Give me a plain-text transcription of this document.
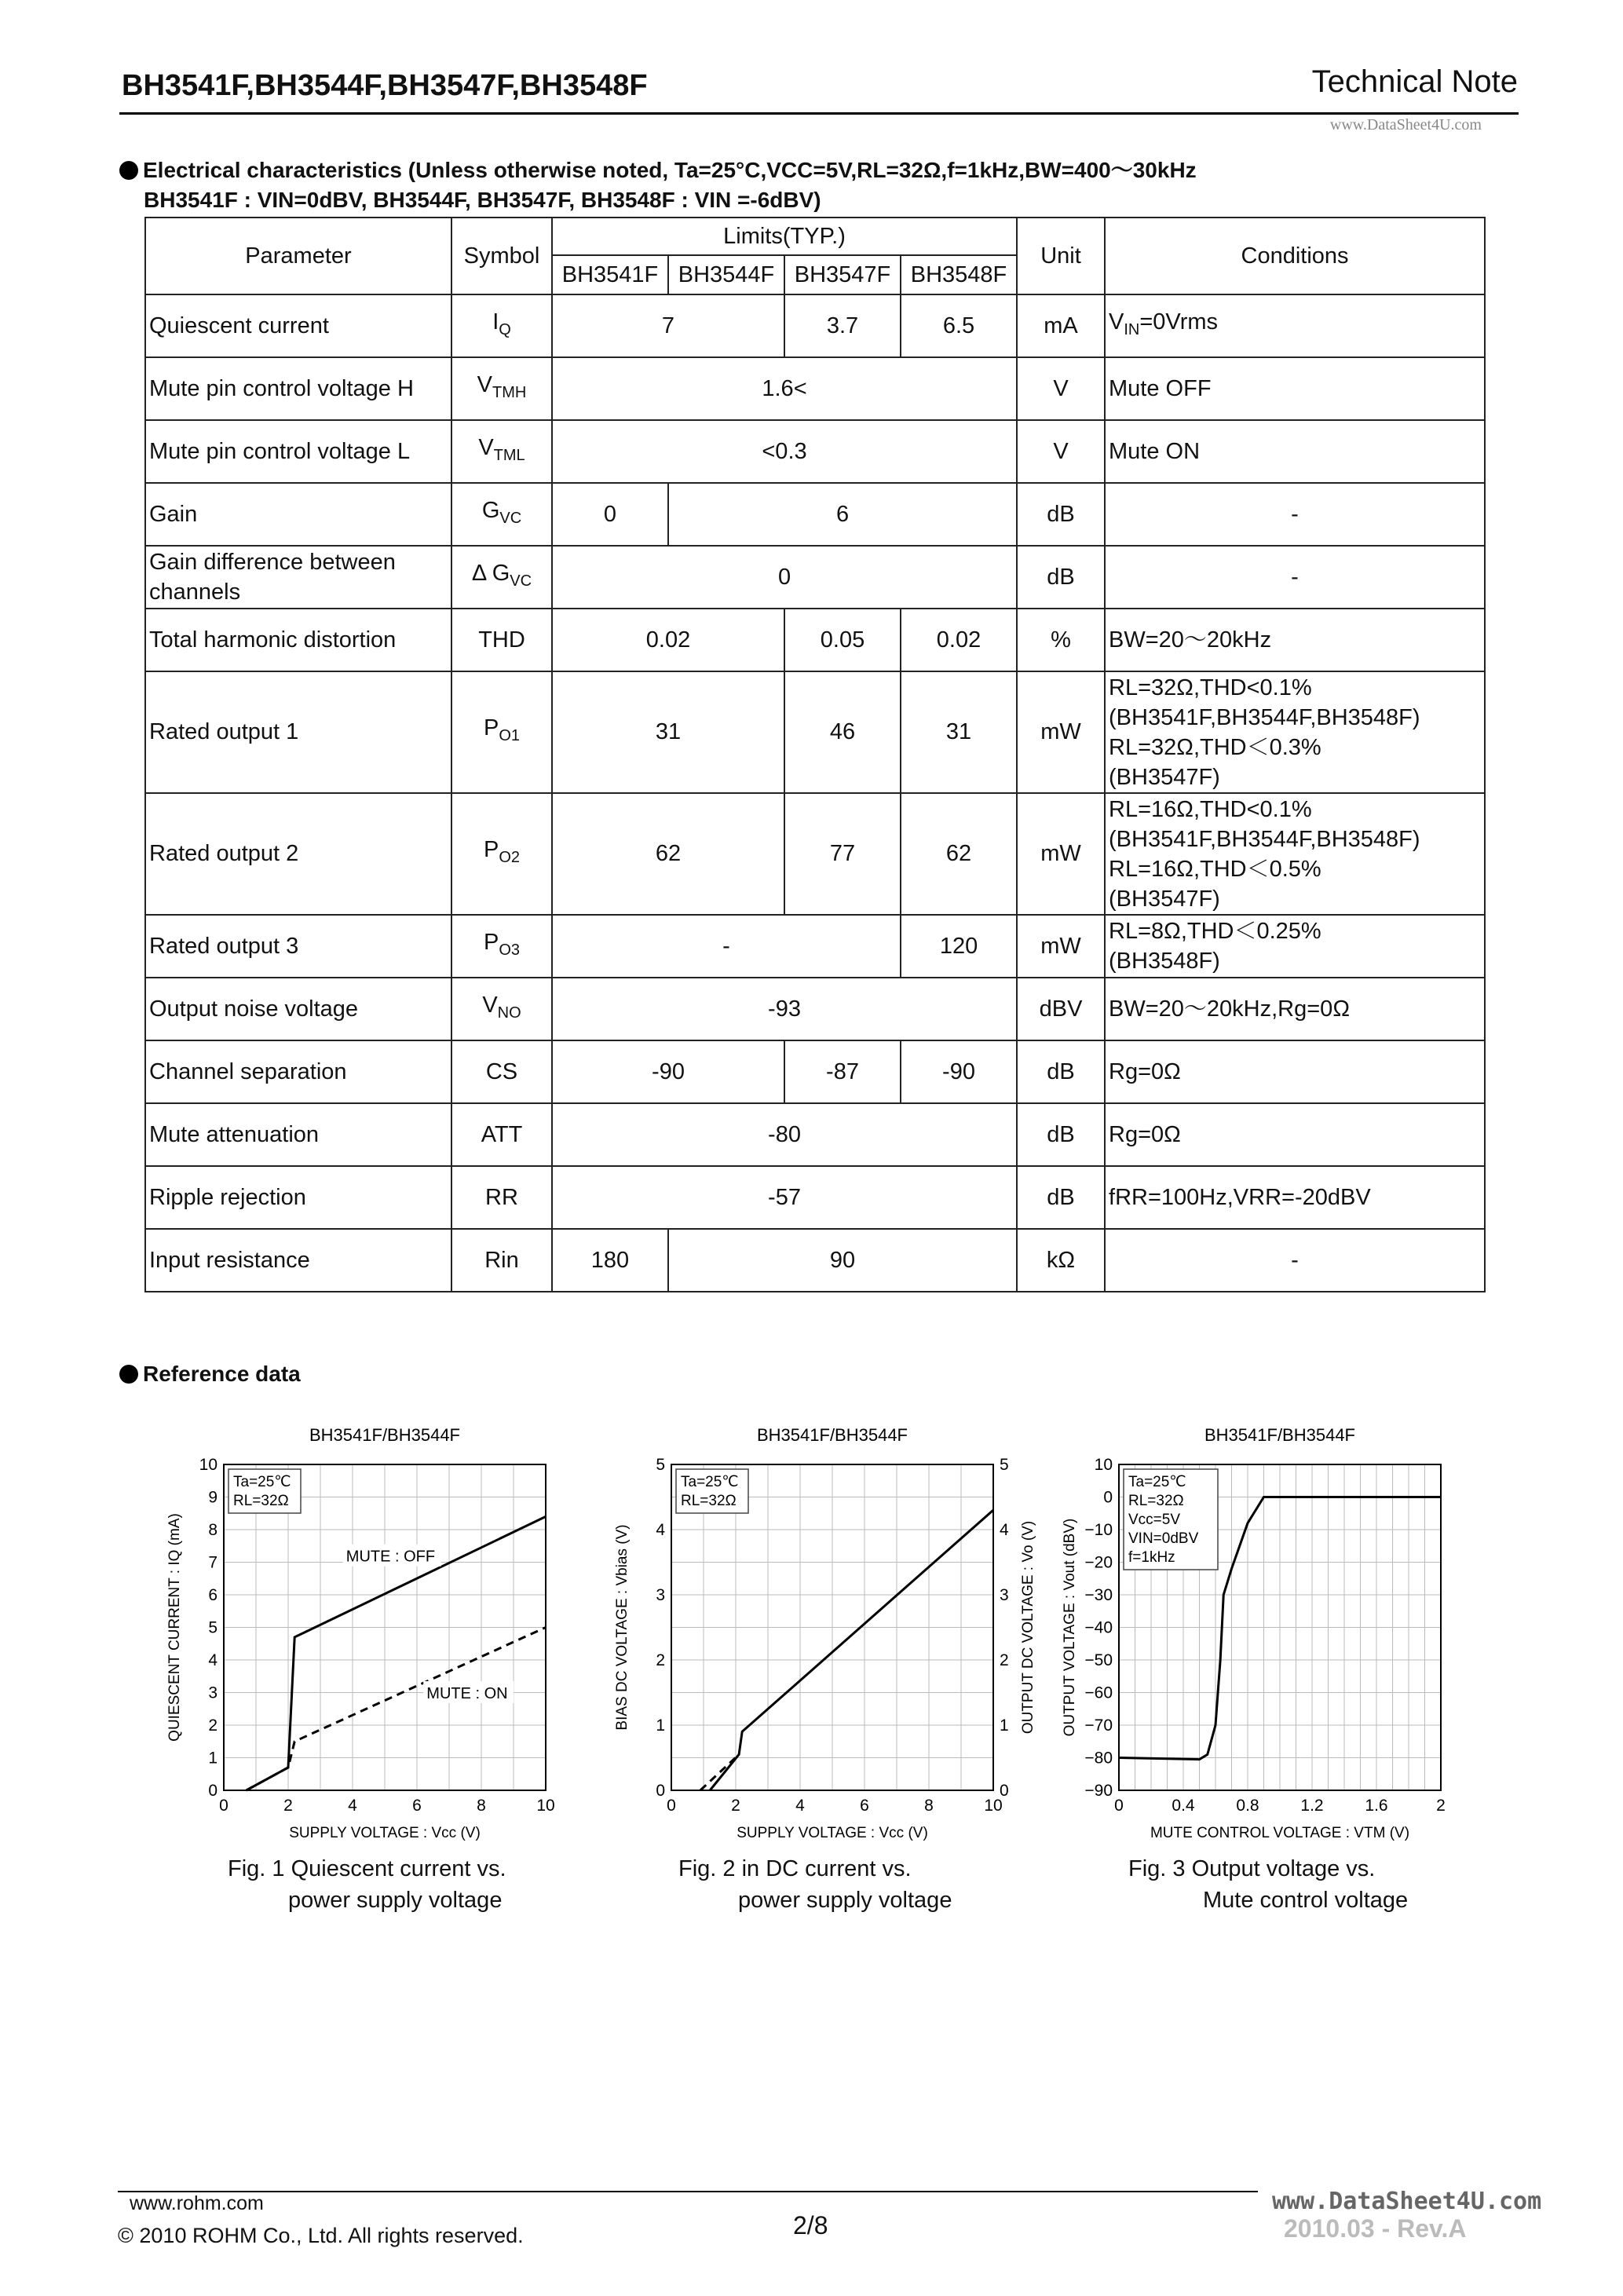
BH3541F,BH3544F,BH3547F,BH3548F	Technical Note
www.DataSheet4U.com
Electrical characteristics (Unless otherwise noted, Ta=25°C,VCC=5V,RL=32Ω,f=1kHz,BW=400～30kHz
BH3541F : VIN=0dBV, BH3544F, BH3547F, BH3548F : VIN =-6dBV)
Parameter	Symbol	Limits(TYP.)				Unit	Conditions
		BH3541F	BH3544F	BH3547F	BH3548F		
Quiescent current	$I_Q$	7		3.7	6.5	mA	$V_{IN}=0Vrms$
Mute pin control voltage H	$V_{TMH}$	1.6<				V	Mute OFF
Mute pin control voltage L	$V_{TML}$	<0.3				V	Mute ON
Gain	$G_{VC}$	0	6			dB	-
Gain difference between channels	Δ $G_{VC}$	0				dB	-
Total harmonic distortion	THD	0.02		0.05	0.02	%	BW=20～20kHz
Rated output 1	$P_{O1}$	31		46	31	mW	RL=32Ω,THD<0.1%
(BH3541F,BH3544F,BH3548F)
RL=32Ω,THD＜0.3%
(BH3547F)

Rated output 2	$P_{O2}$	62		77	62	mW	RL=16Ω,THD<0.1%
(BH3541F,BH3544F,BH3548F)
RL=16Ω,THD＜0.5%
(BH3547F)

Rated output 3	$P_{O3}$	-			120	mW	RL=8Ω,THD＜0.25%
(BH3548F)

Output noise voltage	$V_{NO}$	-93				dBV	BW=20～20kHz,Rg=0Ω
Channel separation	CS	-90		-87	-90	dB	Rg=0Ω
Mute attenuation	ATT	-80				dB	Rg=0Ω
Ripple rejection	RR	-57				dB	fRR=100Hz,VRR=-20dBV
Input resistance	Rin	180	90			kΩ	-
Reference data
BH3541F/BH3544F
0	2	4	6	8	10
0
1
2
3
4
5
6
7
8
9
10
SUPPLY VOLTAGE : Vcc (V)
QUIESCENT CURRENT : IQ (mA)
Ta=25℃
RL=32Ω
MUTE : OFF
MUTE : ON
BH3541F/BH3544F
0	2	4	6	8	10
0	0
1	1
2	2
3	3
4	4
5	5
SUPPLY VOLTAGE : Vcc (V)
BIAS DC VOLTAGE : Vbias (V)	OUTPUT DC VOLTAGE : Vo (V)
Ta=25℃
RL=32Ω
BH3541F/BH3544F
0	0.4	0.8	1.2	1.6	2
10
0
−10
−20
−30
−40
−50
−60
−70
−80
−90
MUTE CONTROL VOLTAGE : VTM (V)
OUTPUT VOLTAGE : Vout (dBV)
Ta=25℃
RL=32Ω
Vcc=5V
VIN=0dBV
f=1kHz
Fig. 1 Quiescent current vs.
power supply voltage
Fig. 2 in DC current vs.
power supply voltage
Fig. 3 Output voltage vs.
Mute control voltage
www.rohm.com
© 2010 ROHM Co., Ltd. All rights reserved.	2/8	2010.03 - Rev.A
www.DataSheet4U.com
